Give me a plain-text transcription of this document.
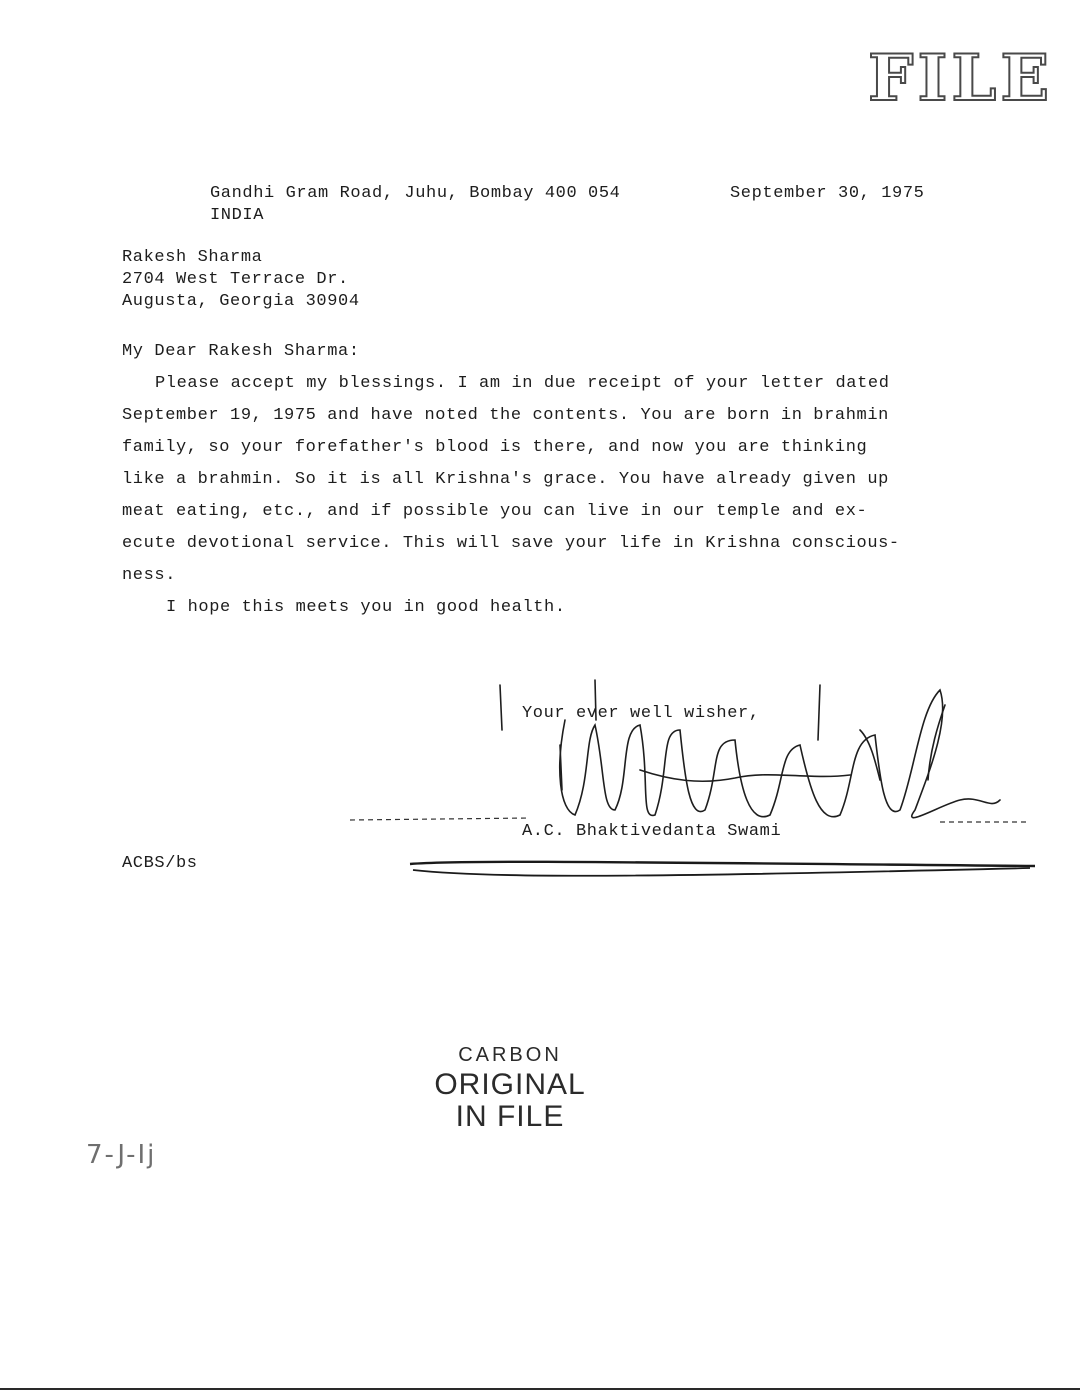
FILE
Gandhi Gram Road, Juhu, Bombay 400 054
INDIA
September 30, 1975
Rakesh Sharma
2704 West Terrace Dr.
Augusta, Georgia 30904
My Dear Rakesh Sharma:
Please accept my blessings. I am in due receipt of your letter dated
September 19, 1975 and have noted the contents. You are born in brahmin
family, so your forefather's blood is there, and now you are thinking
like a brahmin. So it is all Krishna's grace. You have already given up
meat eating, etc., and if possible you can live in our temple and ex-
ecute devotional service. This will save your life in Krishna conscious-
ness.
I hope this meets you in good health.
Your ever well wisher,
A.C. Bhaktivedanta Swami
ACBS/bs
CARBON
ORIGINAL
IN FILE
7-J-Ij
